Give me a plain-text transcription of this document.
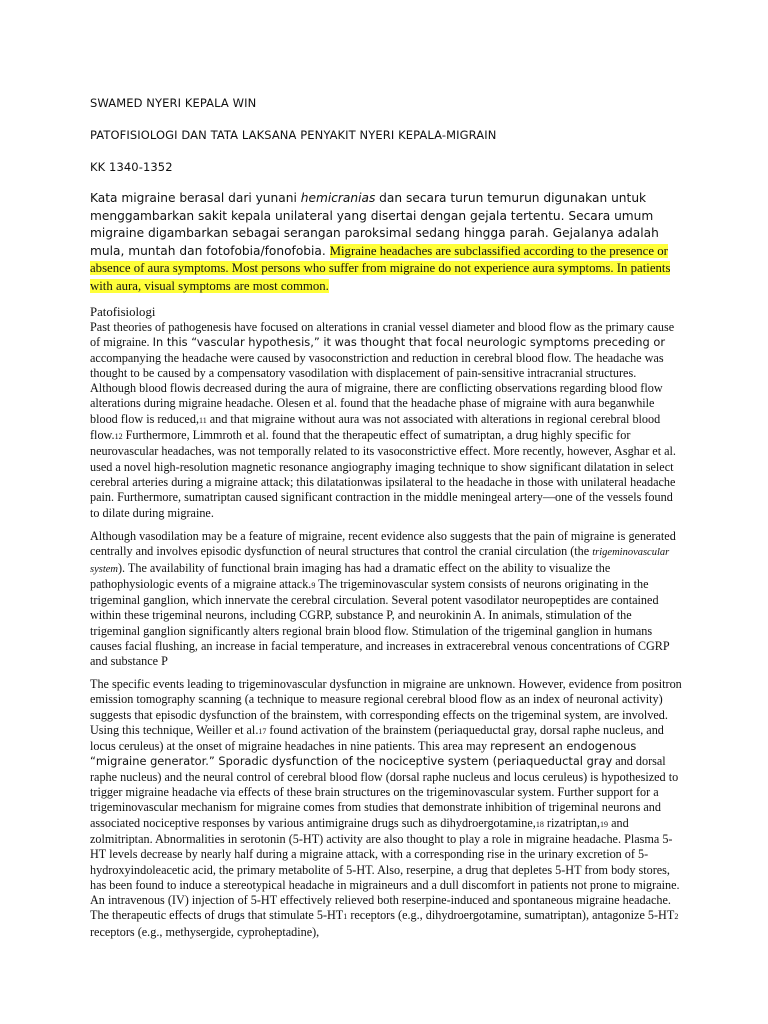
SWAMED NYERI KEPALA WIN
PATOFISIOLOGI DAN TATA LAKSANA PENYAKIT NYERI KEPALA-MIGRAIN
KK 1340-1352
Kata migraine berasal dari yunani hemicranias dan secara turun temurun digunakan untuk menggambarkan sakit kepala unilateral yang disertai dengan gejala tertentu. Secara umum migraine digambarkan sebagai serangan paroksimal sedang hingga parah. Gejalanya adalah mula, muntah dan fotofobia/fonofobia. Migraine headaches are subclassified according to the presence or absence of aura symptoms. Most persons who suffer from migraine do not experience aura symptoms. In patients with aura, visual symptoms are most common.
Patofisiologi
Past theories of pathogenesis have focused on alterations in cranial vessel diameter and blood flow as the primary cause of migraine. In this “vascular hypothesis,” it was thought that focal neurologic symptoms preceding or accompanying the headache were caused by vasoconstriction and reduction in cerebral blood flow. The headache was thought to be caused by a compensatory vasodilation with displacement of pain-sensitive intracranial structures. Although blood flowis decreased during the aura of migraine, there are conflicting observations regarding blood flow alterations during migraine headache. Olesen et al. found that the headache phase of migraine with aura beganwhile blood flow is reduced,11 and that migraine without aura was not associated with alterations in regional cerebral blood flow.12 Furthermore, Limmroth et al. found that the therapeutic effect of sumatriptan, a drug highly specific for neurovascular headaches, was not temporally related to its vasoconstrictive effect. More recently, however, Asghar et al. used a novel high-resolution magnetic resonance angiography imaging technique to show significant dilatation in select cerebral arteries during a migraine attack; this dilatationwas ipsilateral to the headache in those with unilateral headache pain. Furthermore, sumatriptan caused significant contraction in the middle meningeal artery—one of the vessels found to dilate during migraine.
Although vasodilation may be a feature of migraine, recent evidence also suggests that the pain of migraine is generated centrally and involves episodic dysfunction of neural structures that control the cranial circulation (the trigeminovascular system). The availability of functional brain imaging has had a dramatic effect on the ability to visualize the pathophysiologic events of a migraine attack.9 The trigeminovascular system consists of neurons originating in the trigeminal ganglion, which innervate the cerebral circulation. Several potent vasodilator neuropeptides are contained within these trigeminal neurons, including CGRP, substance P, and neurokinin A. In animals, stimulation of the trigeminal ganglion significantly alters regional brain blood flow. Stimulation of the trigeminal ganglion in humans causes facial flushing, an increase in facial temperature, and increases in extracerebral venous concentrations of CGRP and substance P
The specific events leading to trigeminovascular dysfunction in migraine are unknown. However, evidence from positron emission tomography scanning (a technique to measure regional cerebral blood flow as an index of neuronal activity) suggests that episodic dysfunction of the brainstem, with corresponding effects on the trigeminal system, are involved. Using this technique, Weiller et al.17 found activation of the brainstem (periaqueductal gray, dorsal raphe nucleus, and locus ceruleus) at the onset of migraine headaches in nine patients. This area may represent an endogenous “migraine generator.” Sporadic dysfunction of the nociceptive system (periaqueductal gray and dorsal raphe nucleus) and the neural control of cerebral blood flow (dorsal raphe nucleus and locus ceruleus) is hypothesized to trigger migraine headache via effects of these brain structures on the trigeminovascular system. Further support for a trigeminovascular mechanism for migraine comes from studies that demonstrate inhibition of trigeminal neurons and associated nociceptive responses by various antimigraine drugs such as dihydroergotamine,18 rizatriptan,19 and zolmitriptan. Abnormalities in serotonin (5-HT) activity are also thought to play a role in migraine headache. Plasma 5-HT levels decrease by nearly half during a migraine attack, with a corresponding rise in the urinary excretion of 5-hydroxyindoleacetic acid, the primary metabolite of 5-HT. Also, reserpine, a drug that depletes 5-HT from body stores, has been found to induce a stereotypical headache in migraineurs and a dull discomfort in patients not prone to migraine. An intravenous (IV) injection of 5-HT effectively relieved both reserpine-induced and spontaneous migraine headache. The therapeutic effects of drugs that stimulate 5-HT1 receptors (e.g., dihydroergotamine, sumatriptan), antagonize 5-HT2 receptors (e.g., methysergide, cyproheptadine),
